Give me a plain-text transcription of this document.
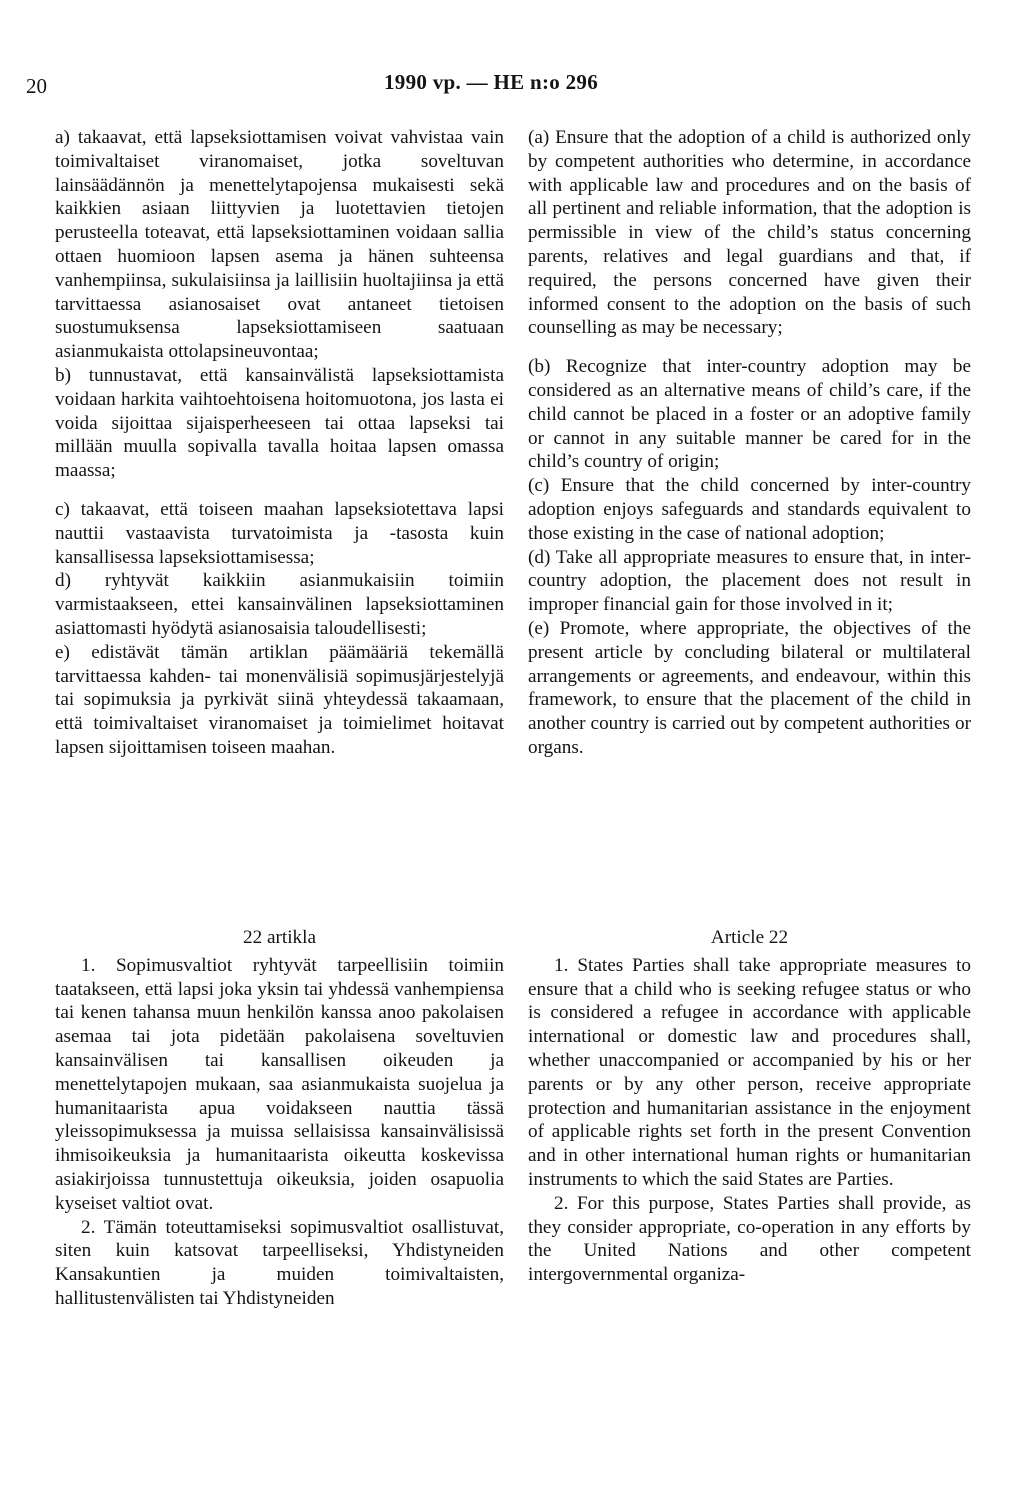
20	1990 vp. — HE n:o 296

a) takaavat, että lapseksiottamisen voivat vahvistaa vain toimivaltaiset viranomaiset, jotka soveltuvan lainsäädännön ja menettelytapojensa mukaisesti sekä kaikkien asiaan liittyvien ja luotettavien tietojen perusteella toteavat, että lapseksiottaminen voidaan sallia ottaen huomioon lapsen asema ja hänen suhteensa vanhempiinsa, sukulaisiinsa ja laillisiin huoltajiinsa ja että tarvittaessa asianosaiset ovat antaneet tietoisen suostumuksensa lapseksiottamiseen saatuaan asianmukaista ottolapsineuvontaa;

b) tunnustavat, että kansainvälistä lapseksiottamista voidaan harkita vaihtoehtoisena hoitomuotona, jos lasta ei voida sijoittaa sijaisperheeseen tai ottaa lapseksi tai millään muulla sopivalla tavalla hoitaa lapsen omassa maassa;

c) takaavat, että toiseen maahan lapseksiotettava lapsi nauttii vastaavista turvatoimista ja -tasosta kuin kansallisessa lapseksiottamisessa;

d) ryhtyvät kaikkiin asianmukaisiin toimiin varmistaakseen, ettei kansainvälinen lapseksiottaminen asiattomasti hyödytä asianosaisia taloudellisesti;

e) edistävät tämän artiklan päämääriä tekemällä tarvittaessa kahden- tai monenvälisiä sopimusjärjestelyjä tai sopimuksia ja pyrkivät siinä yhteydessä takaamaan, että toimivaltaiset viranomaiset ja toimielimet hoitavat lapsen sijoittamisen toiseen maahan.

(a) Ensure that the adoption of a child is authorized only by competent authorities who determine, in accordance with applicable law and procedures and on the basis of all pertinent and reliable information, that the adoption is permissible in view of the child’s status concerning parents, relatives and legal guardians and that, if required, the persons concerned have given their informed consent to the adoption on the basis of such counselling as may be necessary;

(b) Recognize that inter-country adoption may be considered as an alternative means of child’s care, if the child cannot be placed in a foster or an adoptive family or cannot in any suitable manner be cared for in the child’s country of origin;

(c) Ensure that the child concerned by inter-country adoption enjoys safeguards and standards equivalent to those existing in the case of national adoption;

(d) Take all appropriate measures to ensure that, in inter-country adoption, the placement does not result in improper financial gain for those involved in it;

(e) Promote, where appropriate, the objectives of the present article by concluding bilateral or multilateral arrangements or agreements, and endeavour, within this framework, to ensure that the placement of the child in another country is carried out by competent authorities or organs.

22 artikla

1. Sopimusvaltiot ryhtyvät tarpeellisiin toimiin taatakseen, että lapsi joka yksin tai yhdessä vanhempiensa tai kenen tahansa muun henkilön kanssa anoo pakolaisen asemaa tai jota pidetään pakolaisena soveltuvien kansainvälisen tai kansallisen oikeuden ja menettelytapojen mukaan, saa asianmukaista suojelua ja humanitaarista apua voidakseen nauttia tässä yleissopimuksessa ja muissa sellaisissa kansainvälisissä ihmisoikeuksia ja humanitaarista oikeutta koskevissa asiakirjoissa tunnustettuja oikeuksia, joiden osapuolia kyseiset valtiot ovat.

2. Tämän toteuttamiseksi sopimusvaltiot osallistuvat, siten kuin katsovat tarpeelliseksi, Yhdistyneiden Kansakuntien ja muiden toimivaltaisten, hallitustenvälisten tai Yhdistyneiden

Article 22

1. States Parties shall take appropriate measures to ensure that a child who is seeking refugee status or who is considered a refugee in accordance with applicable international or domestic law and procedures shall, whether unaccompanied or accompanied by his or her parents or by any other person, receive appropriate protection and humanitarian assistance in the enjoyment of applicable rights set forth in the present Convention and in other international human rights or humanitarian instruments to which the said States are Parties.

2. For this purpose, States Parties shall provide, as they consider appropriate, co-operation in any efforts by the United Nations and other competent intergovernmental organiza-
